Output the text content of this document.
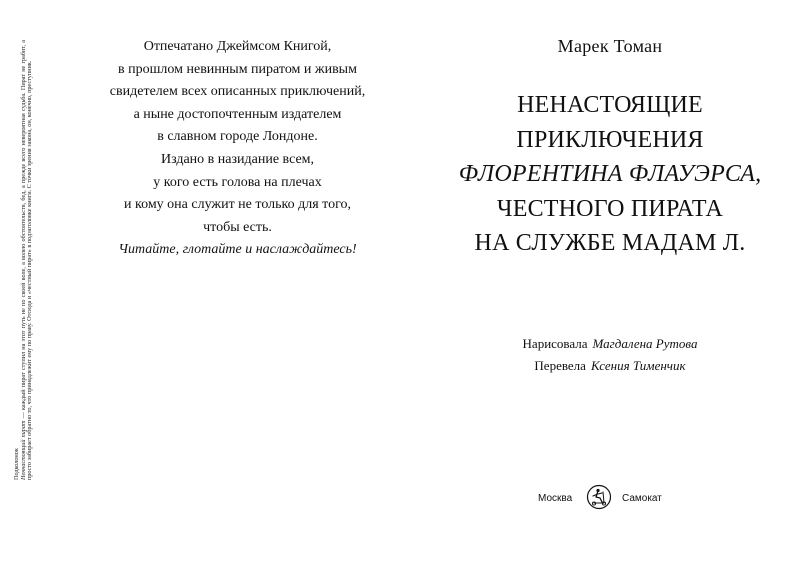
Подколонок Неннастоящий пират — каждый пират ступил на этот путь не по своей воле, а волею обстоятельств, бед, а прежде всего невероятная судьба. Пират не грабит, а просто забирает обратно то, что принадлежит ему по праву. Отсюда и «честный пират» в подзаголовке книги. С точки зрения закона, он, конечно, преступник.
Отпечатано Джеймсом Книгой,
в прошлом невинным пиратом и живым
свидетелем всех описанных приключений,
а ныне достопочтенным издателем
в славном городе Лондоне.
Издано в назидание всем,
у кого есть голова на плечах
и кому она служит не только для того,
чтобы есть.
Читайте, глотайте и наслаждайтесь!
Марек Томан
НЕНАСТОЯЩИЕ
ПРИКЛЮЧЕНИЯ
ФЛОРЕНТИНА ФЛАУЭРСА,
ЧЕСТНОГО ПИРАТА
НА СЛУЖБЕ МАДАМ Л.
Нарисовала Магдалена Рутова
Перевела Ксения Тименчик
Москва	Самокат
